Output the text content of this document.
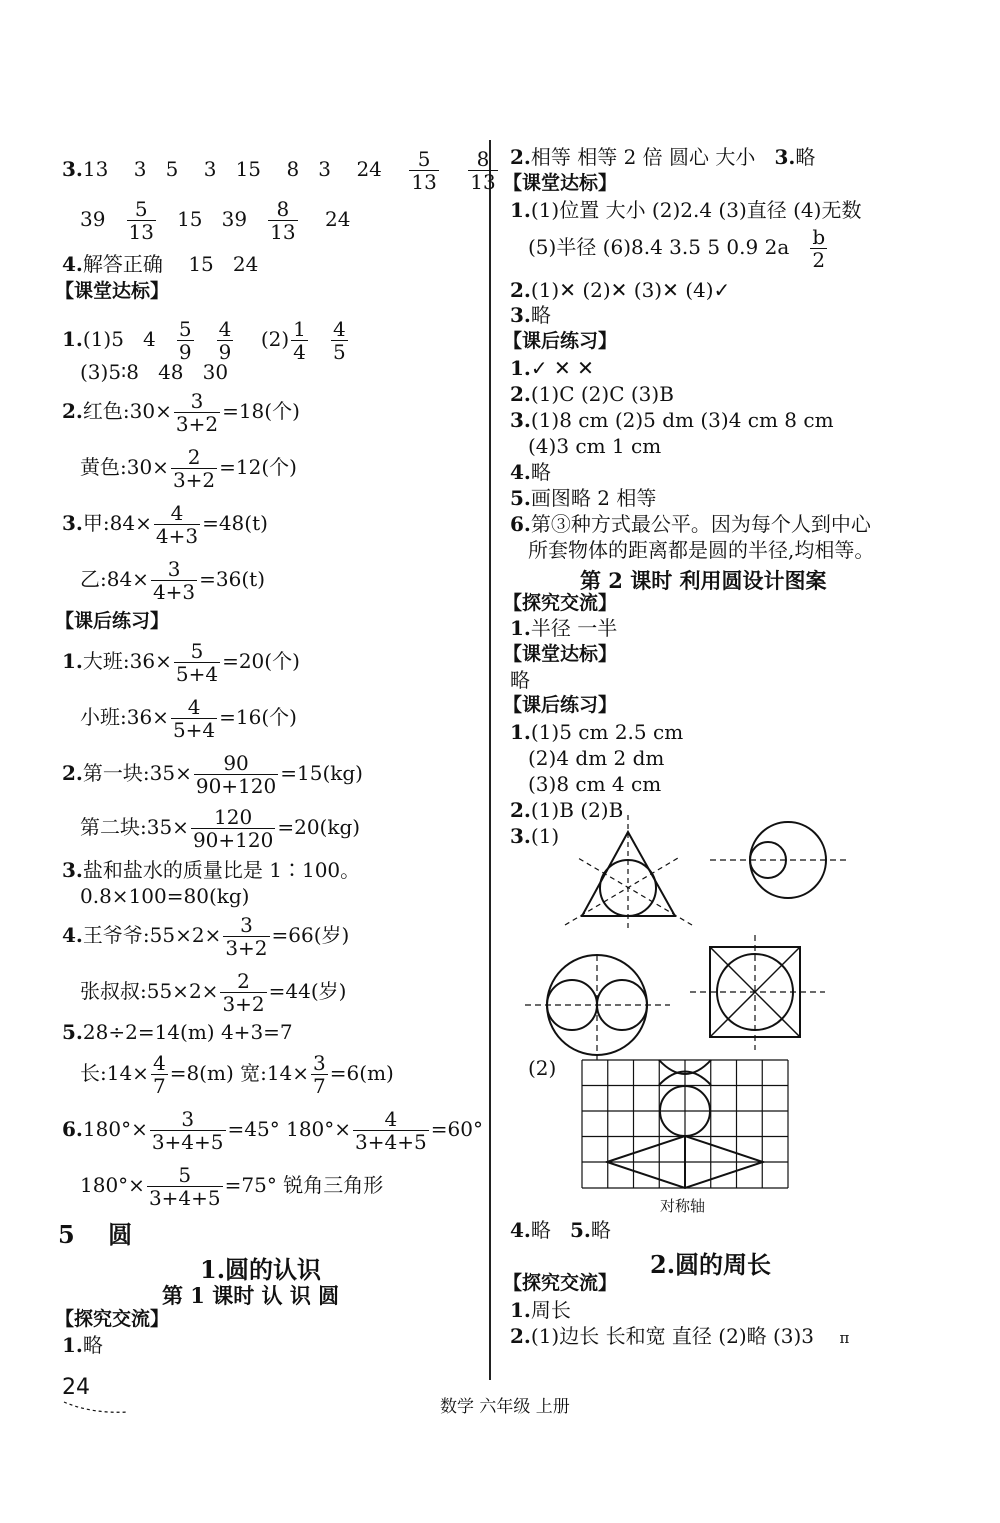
3.13 3 5 3 15 8 3 $24 \frac{5}{13}$
$\frac{8}{13}$
$39 \frac{5}{13} 15$ $39 \frac{8}{13} 24$
4.解答正确 15 24
【课堂达标】
1.(1)5 $4 \frac{5}{9}$
$\frac{4}{9} (2) \frac{1}{4}$
$\frac{4}{5}$
(3)5∶8 48 30
2.红色:30× $\frac{3}{3+2} =18$(个)
黄色:30× $\frac{2}{3+2} =12$(个)
3.甲:84× $\frac{4}{4+3} =48(t)$
乙:84× $\frac{3}{4+3} =36(t)$
【课后练习】
1.大班:36× $\frac{5}{5+4} =20$(个)
小班:36× $\frac{4}{5+4} =16$(个)
2.第一块:35× $\frac{90}{90+120} =15(kg)$
第二块:35× $\frac{120}{90+120} =20(kg)$
3.盐和盐水的质量比是 1∶100。
0.8×100=80(kg)
4.王爷爷:55×2× $\frac{3}{3+2} =66$(岁)
张叔叔:55×2× $\frac{2}{3+2} =44$(岁)
5.28÷2=14(m) 4+3=7
长:14× $\frac{4}{7} =8(m)$ 宽:14× $\frac{3}{7} =6(m)$
$6.180^\circ\times \frac{3}{3+4+5} =45^\circ$ $180^\circ\times \frac{4}{3+4+5} =60^\circ$
$180^\circ\times \frac{5}{3+4+5} =75^\circ$ 锐角三角形
5 圆
1.圆的认识
第 1 课时 认 识 圆
【探究交流】
1.略
2.相等 相等 2 倍 圆心 大小 3.略
【课堂达标】
1.(1)位置 大小 (2)2.4 (3)直径 (4)无数
(5)半径 (6)8.4 3.5 5 0.9 $2a \frac{b}{2}$
2.(1)✕ (2)✕ (3)✕ (4)✓
3.略
【课后练习】
1.✓ ✕ ✕
2.(1)C (2)C (3)B
3.(1)8 cm (2)5 dm (3)4 cm 8 cm
(4)3 cm 1 cm
4.略
5.画图略 2 相等
6.第③种方式最公平。因为每个人到中心
所套物体的距离都是圆的半径,均相等。
第 2 课时 利用圆设计图案
【探究交流】
1.半径 一半
【课堂达标】
略
【课后练习】
1.(1)5 cm 2.5 cm
(2)4 dm 2 dm
(3)8 cm 4 cm
2.(1)B (2)B
3.(1)
(2)
对称轴
4.略 5.略
2.圆的周长
【探究交流】
1.周长
2.(1)边长 长和宽 直径 (2)略 (3)3 π
24
数学 六年级 上册
